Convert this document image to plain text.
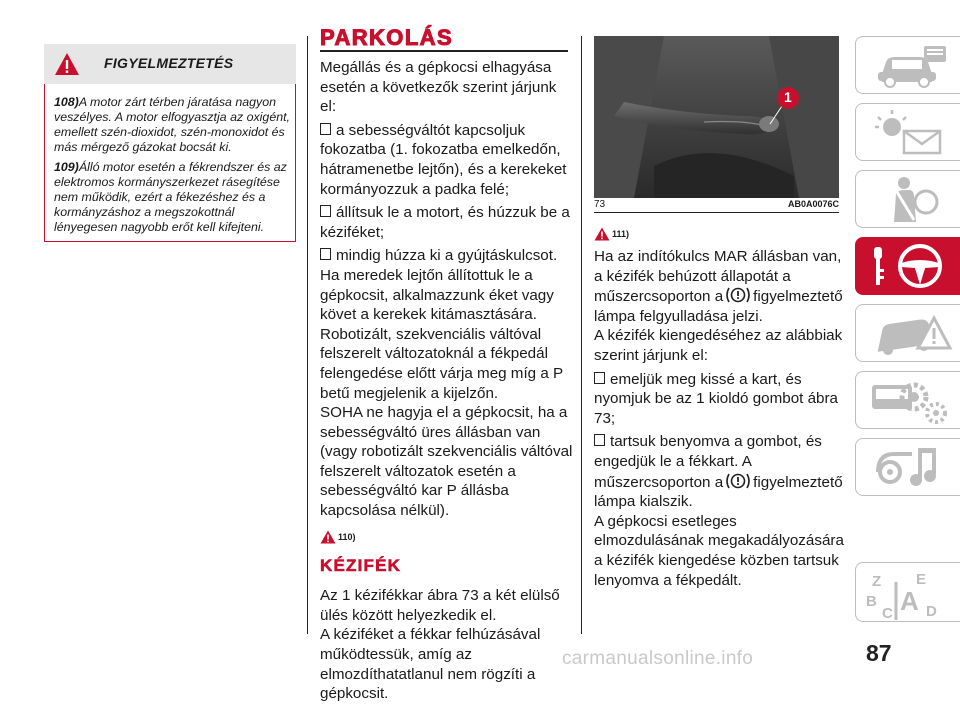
FIGYELMEZTETÉS

108)A motor zárt térben járatása nagyon veszélyes. A motor elfogyasztja az oxigént, emellett szén-dioxidot, szén-monoxidot és más mérgező gázokat bocsát ki.

109)Álló motor esetén a fékrendszer és az elektromos kormányszerkezet rásegítése nem működik, ezért a fékezéshez és a kormányzáshoz a megszokottnál lényegesen nagyobb erőt kell kifejteni.

PARKOLÁS

Megállás és a gépkocsi elhagyása esetén a következők szerint járjunk el:

a sebességváltót kapcsoljuk fokozatba (1. fokozatba emelkedőn, hátramenetbe lejtőn), és a kerekeket kormányozzuk a padka felé;

állítsuk le a motort, és húzzuk be a kéziféket;

mindig húzza ki a gyújtáskulcsot.

Ha meredek lejtőn állítottuk le a gépkocsit, alkalmazzunk éket vagy követ a kerekek kitámasztására.

Robotizált, szekvenciális váltóval felszerelt változatoknál a fékpedál felengedése előtt várja meg míg a P betű megjelenik a kijelzőn.

SOHA ne hagyja el a gépkocsit, ha a sebességváltó üres állásban van (vagy robotizált szekvenciális váltóval felszerelt változatok esetén a sebességváltó kar P állásba kapcsolása nélkül).

110)

KÉZIFÉK

Az 1 kézifékkar ábra 73 a két elülső ülés között helyezkedik el.

A kéziféket a fékkar felhúzásával működtessük, amíg az elmozdíthatatlanul nem rögzíti a gépkocsit.

1
73	AB0A0076C

111)

Ha az indítókulcs MAR állásban van, a kézifék behúzott állapotát a műszercsoporton a figyelmeztető lámpa felgyulladása jelzi.

A kézifék kiengedéséhez az alábbiak szerint járjunk el:

emeljük meg kissé a kart, és nyomjuk be az 1 kioldó gombot ábra 73;

tartsuk benyomva a gombot, és engedjük le a fékkart. A műszercsoporton a figyelmeztető lámpa kialszik.

A gépkocsi esetleges elmozdulásának megakadályozására a kézifék kiengedése közben tartsuk lenyomva a fékpedált.	Z E
B A
C D
87
carmanualsonline.info
